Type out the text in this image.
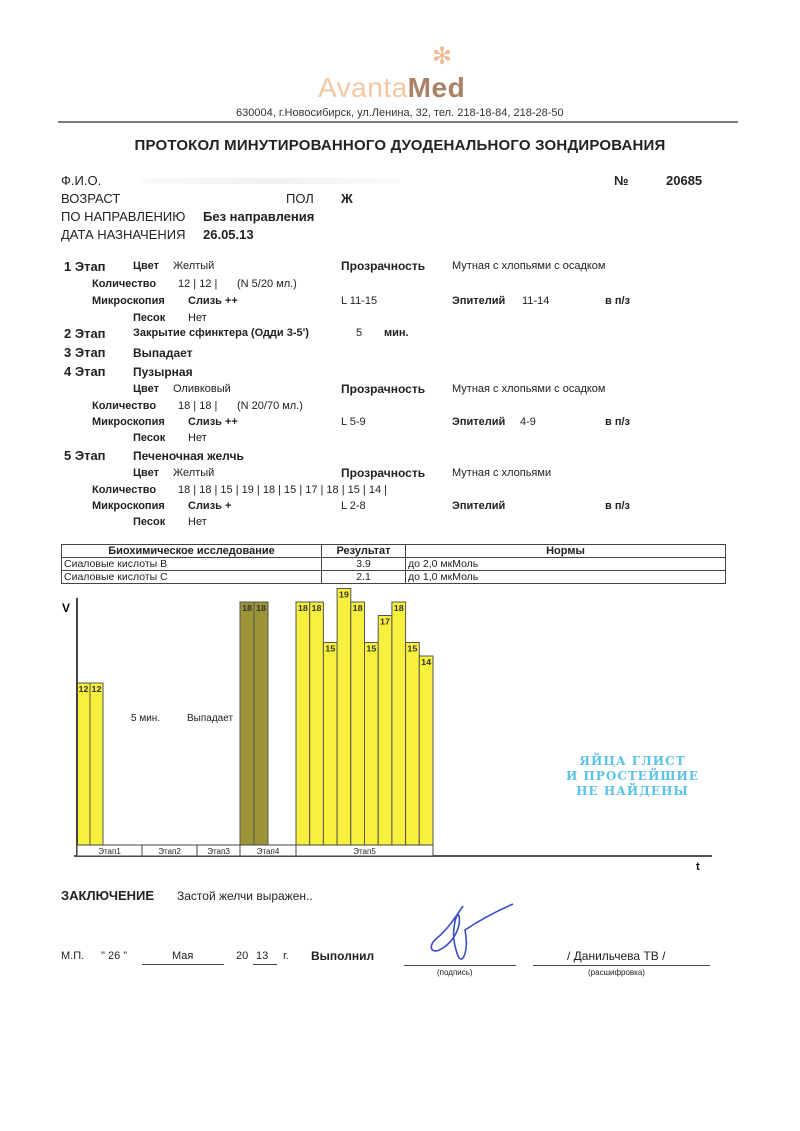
✻
AvantaMed
630004, г.Новосибирск, ул.Ленина, 32, тел. 218-18-84, 218-28-50
ПРОТОКОЛ МИНУТИРОВАННОГО ДУОДЕНАЛЬНОГО ЗОНДИРОВАНИЯ
Ф.И.О.	№	20685
ВОЗРАСТ	ПОЛ Ж
ПО НАПРАВЛЕНИЮ Без направления
ДАТА НАЗНАЧЕНИЯ 26.05.13
1 Этап Цвет Желтый	Прозрачность Мутная с хлопьями с осадком
Количество 12 | 12 | (N 5/20 мл.)
Микроскопия Слизь ++	L 11-15	Эпителий 11-14	в п/з
Песок Нет
2 Этап Закрытие сфинктера (Одди 3-5')	5 мин.
3 Этап Выпадает
4 Этап Пузырная
Цвет Оливковый	Прозрачность Мутная с хлопьями с осадком
Количество 18 | 18 | (N 20/70 мл.)
Микроскопия Слизь ++	L 5-9	Эпителий 4-9	в п/з
Песок Нет
5 Этап Печеночная желчь
Цвет Желтый	Прозрачность Мутная с хлопьями
Количество 18 | 18 | 15 | 19 | 18 | 15 | 17 | 18 | 15 | 14 |
Микроскопия Слизь +	L 2-8	Эпителий	в п/з
Песок Нет
Биохимическое исследование	Результат	Нормы
Сиаловые кислоты В	3.9	до 2,0 мкМоль
Сиаловые кислоты С	2.1	до 1,0 мкМоль
12 12
18 18	18 18
15
19
18
15
17
18
15
14
V
t
5 мин.	Выпадает
Этап1	Этап2	Этап3	Этап4	Этап5
ЯЙЦА ГЛИСТ
И ПРОСТЕЙШИЕ
НЕ НАЙДЕНЫ
ЗАКЛЮЧЕНИЕ Застой желчи выражен..
М.П. " 26 "	Мая	20 13 г. Выполнил
(подпись)
/ Данильчева ТВ /
(расшифровка)
